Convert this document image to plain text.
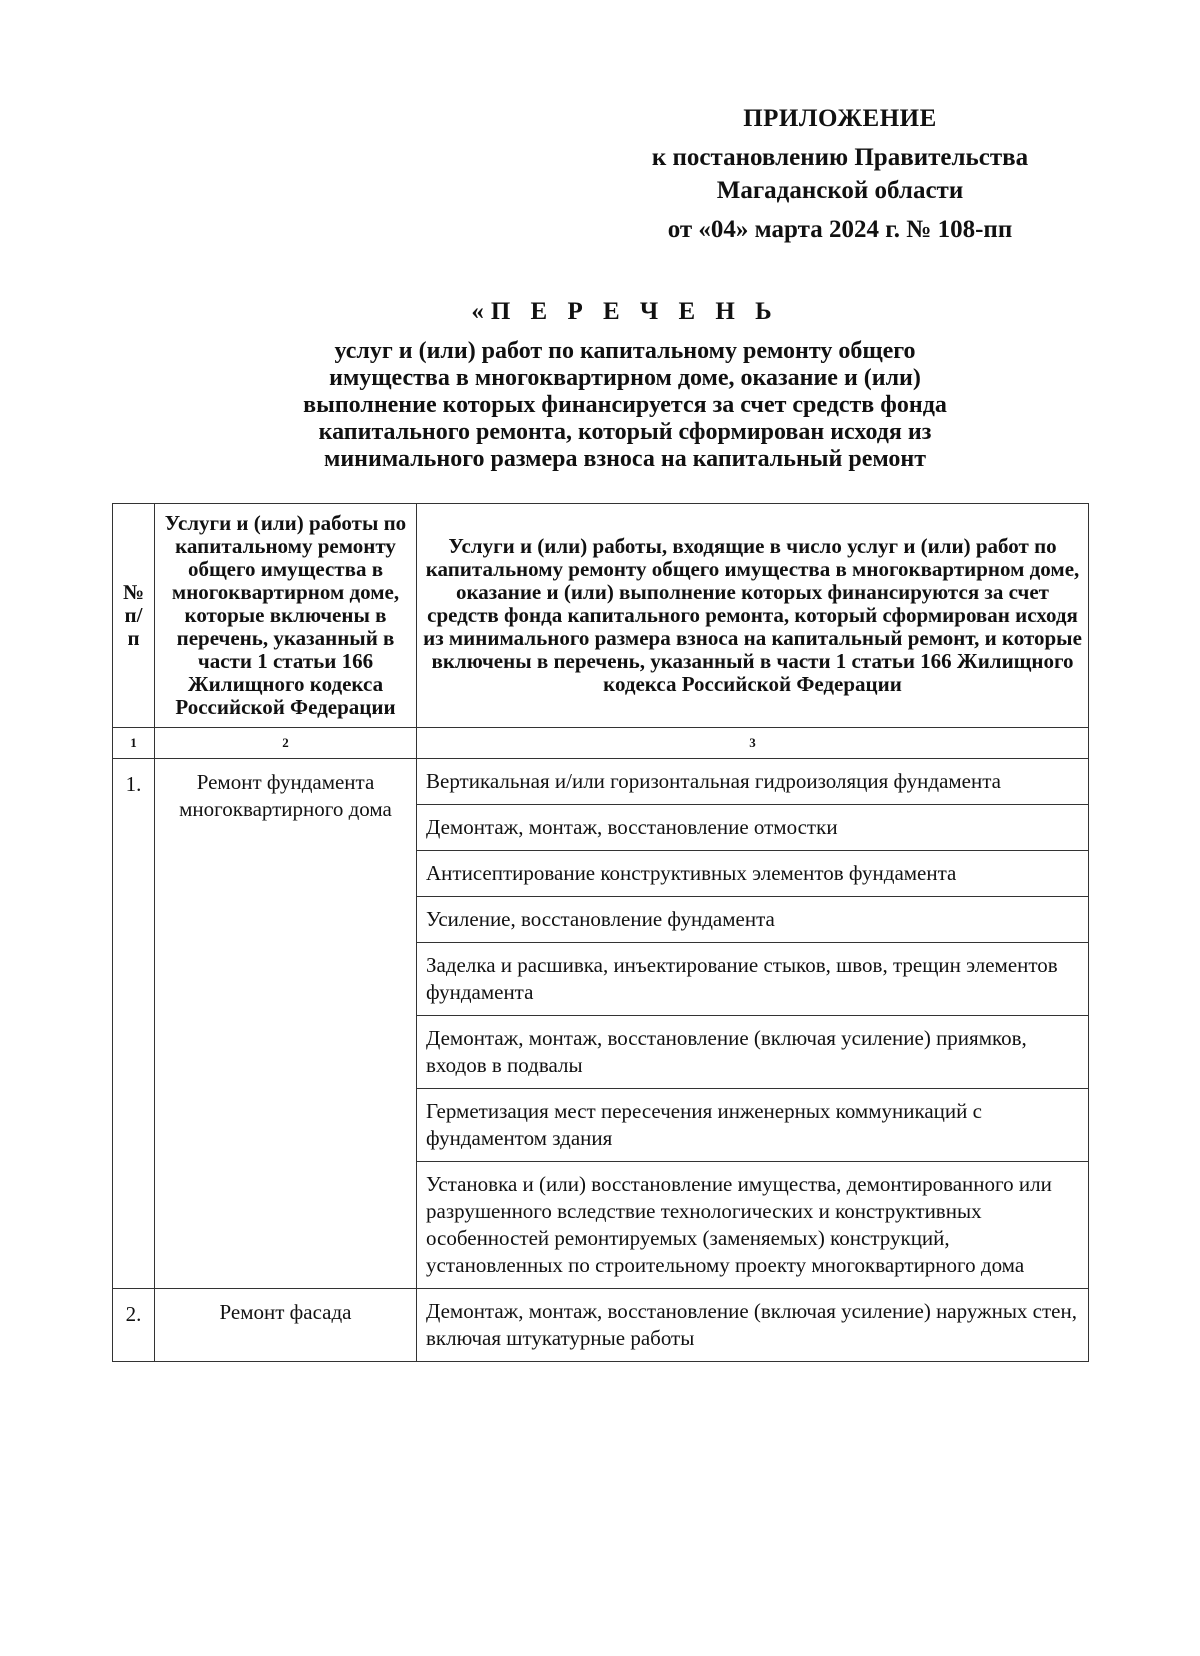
ПРИЛОЖЕНИЕ
к постановлению Правительства
Магаданской области
от «04» марта 2024 г. № 108-пп
«П Е Р Е Ч Е Н Ь
услуг и (или) работ по капитальному ремонту общего
имущества в многоквартирном доме, оказание и (или)
выполнение которых финансируется за счет средств фонда
капитального ремонта, который сформирован исходя из
минимального размера взноса на капитальный ремонт
№ п/п	Услуги и (или) работы по капитальному ремонту общего имущества в многоквартирном доме, которые включены в перечень, указанный в части 1 статьи 166 Жилищного кодекса Российской Федерации	Услуги и (или) работы, входящие в число услуг и (или) работ по капитальному ремонту общего имущества в многоквартирном доме, оказание и (или) выполнение которых финансируются за счет средств фонда капитального ремонта, который сформирован исходя из минимального размера взноса на капитальный ремонт, и которые включены в перечень, указанный в части 1 статьи 166 Жилищного кодекса Российской Федерации
1	2	3
1.	Ремонт фундамента многоквартирного дома	Вертикальная и/или горизонтальная гидроизоляция фундамента
		Демонтаж, монтаж, восстановление отмостки
		Антисептирование конструктивных элементов фундамента
		Усиление, восстановление фундамента
		Заделка и расшивка, инъектирование стыков, швов, трещин элементов фундамента
		Демонтаж, монтаж, восстановление (включая усиление) приямков, входов в подвалы
		Герметизация мест пересечения инженерных коммуникаций с фундаментом здания
		Установка и (или) восстановление имущества, демонтированного или разрушенного вследствие технологических и конструктивных особенностей ремонтируемых (заменяемых) конструкций, установленных по строительному проекту многоквартирного дома
2.	Ремонт фасада	Демонтаж, монтаж, восстановление (включая усиление) наружных стен, включая штукатурные работы
